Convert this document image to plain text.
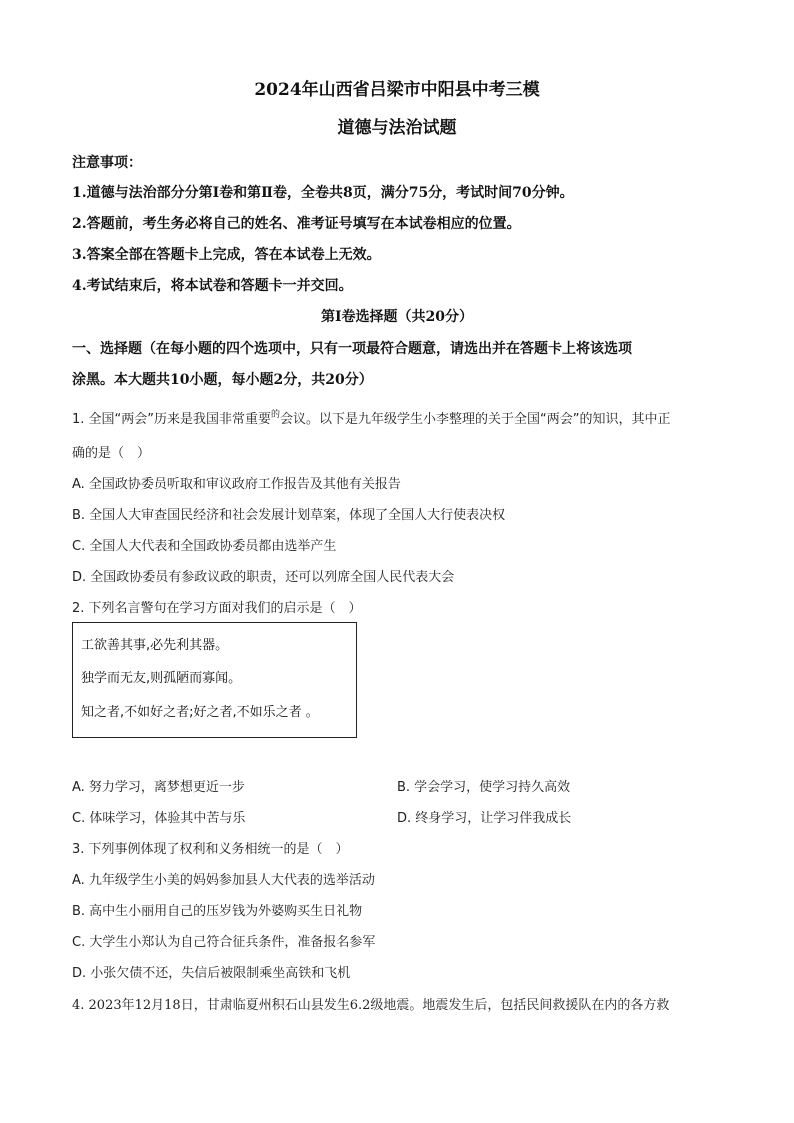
2024年山西省吕梁市中阳县中考三模
道德与法治试题
注意事项：
1.道德与法治部分分第Ⅰ卷和第Ⅱ卷，全卷共8页，满分75分，考试时间70分钟。
2.答题前，考生务必将自己的姓名、准考证号填写在本试卷相应的位置。
3.答案全部在答题卡上完成，答在本试卷上无效。
4.考试结束后，将本试卷和答题卡一并交回。
第Ⅰ卷选择题（共20分）
一、选择题（在每小题的四个选项中，只有一项最符合题意，请选出并在答题卡上将该选项
涂黑。本大题共10小题，每小题2分，共20分）
1. 全国“两会”历来是我国非常重要$^的$会议。以下是九年级学生小李整理的关于全国“两会”的知识，其中正
确的是（　）
A. 全国政协委员听取和审议政府工作报告及其他有关报告
B. 全国人大审查国民经济和社会发展计划草案，体现了全国人大行使表决权
C. 全国人大代表和全国政协委员都由选举产生
D. 全国政协委员有参政议政的职责，还可以列席全国人民代表大会
2. 下列名言警句在学习方面对我们的启示是（　）
工欲善其事,必先利其器。
独学而无友,则孤陋而寡闻。
知之者,不如好之者;好之者,不如乐之者 。
A. 努力学习，离梦想更近一步	B. 学会学习，使学习持久高效
C. 体味学习，体验其中苦与乐	D. 终身学习，让学习伴我成长
3. 下列事例体现了权利和义务相统一的是（　）
A. 九年级学生小美的妈妈参加县人大代表的选举活动
B. 高中生小丽用自己的压岁钱为外婆购买生日礼物
C. 大学生小郑认为自己符合征兵条件，准备报名参军
D. 小张欠债不还，失信后被限制乘坐高铁和飞机
4. 2023年12月18日，甘肃临夏州积石山县发生6.2级地震。地震发生后，包括民间救援队在内的各方救
